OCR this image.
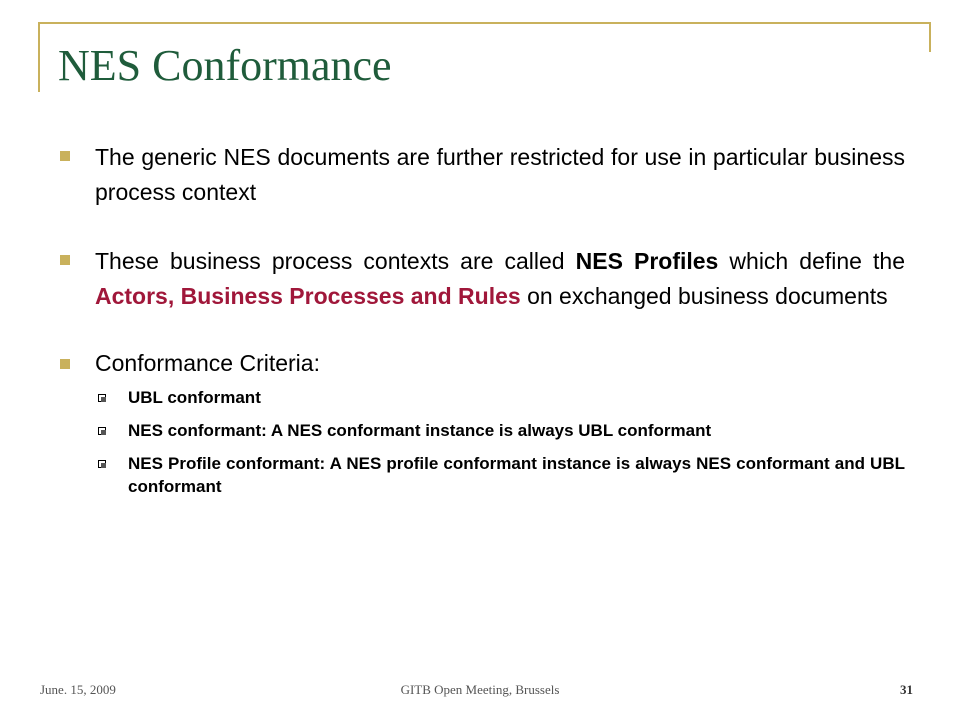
NES Conformance

The generic NES documents are further restricted for use in particular business process context

These business process contexts are called NES Profiles which define the Actors, Business Processes and Rules on exchanged business documents

Conformance Criteria:

UBL conformant

NES conformant: A NES conformant instance is always UBL conformant

NES Profile conformant: A NES profile conformant instance is always NES conformant and UBL conformant

June. 15, 2009	GITB Open Meeting, Brussels	31
